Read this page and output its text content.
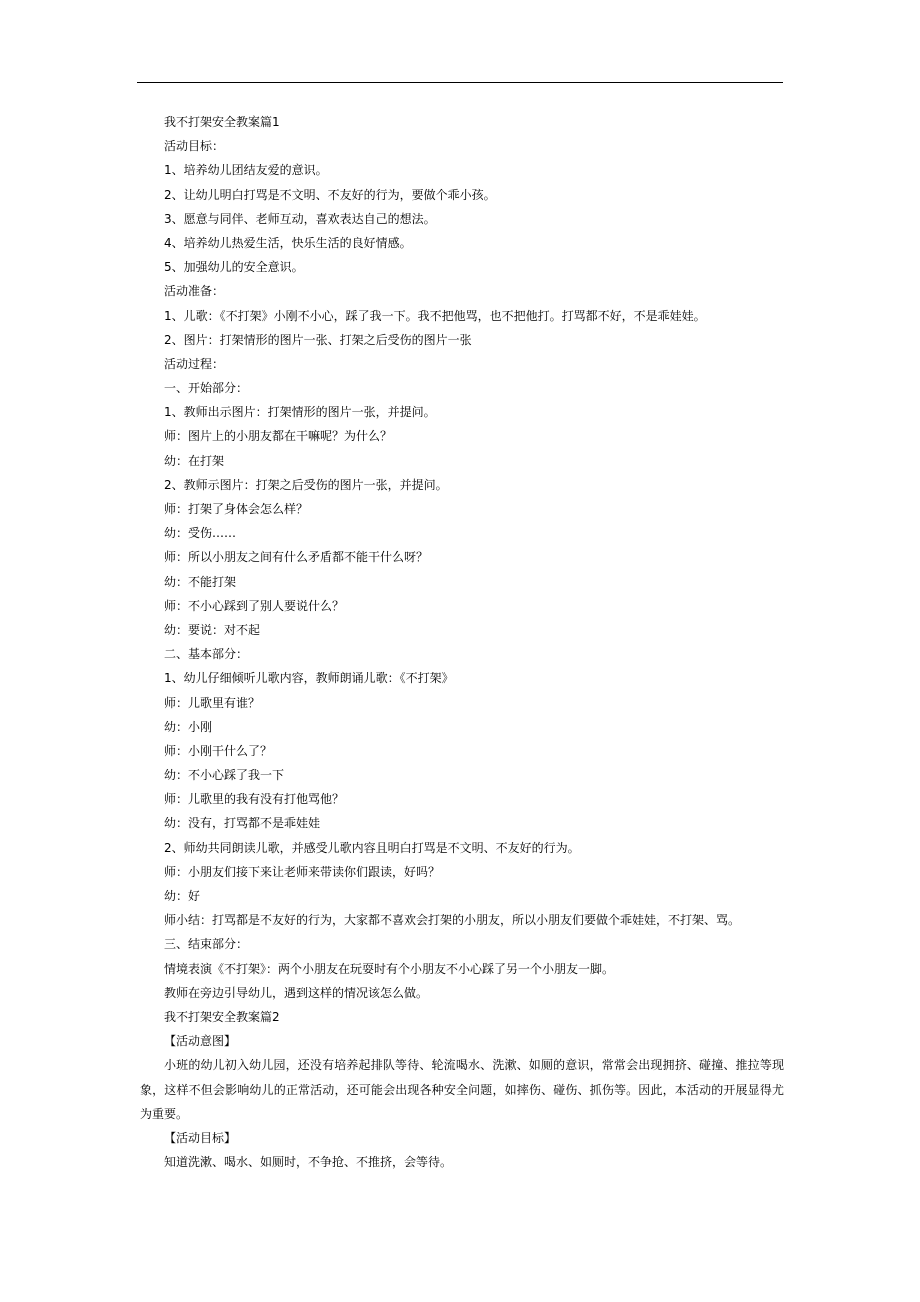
我不打架安全教案篇1
活动目标：
1、培养幼儿团结友爱的意识。
2、让幼儿明白打骂是不文明、不友好的行为，要做个乖小孩。
3、愿意与同伴、老师互动，喜欢表达自己的想法。
4、培养幼儿热爱生活，快乐生活的良好情感。
5、加强幼儿的安全意识。
活动准备：
1、儿歌：《不打架》小刚不小心，踩了我一下。我不把他骂，也不把他打。打骂都不好，不是乖娃娃。
2、图片：打架情形的图片一张、打架之后受伤的图片一张
活动过程：
一、开始部分：
1、教师出示图片：打架情形的图片一张，并提问。
师：图片上的小朋友都在干嘛呢？为什么？
幼：在打架
2、教师示图片：打架之后受伤的图片一张，并提问。
师：打架了身体会怎么样？
幼：受伤……
师：所以小朋友之间有什么矛盾都不能干什么呀？
幼：不能打架
师：不小心踩到了别人要说什么？
幼：要说：对不起
二、基本部分：
1、幼儿仔细倾听儿歌内容，教师朗诵儿歌：《不打架》
师：儿歌里有谁？
幼：小刚
师：小刚干什么了？
幼：不小心踩了我一下
师：儿歌里的我有没有打他骂他？
幼：没有，打骂都不是乖娃娃
2、师幼共同朗读儿歌，并感受儿歌内容且明白打骂是不文明、不友好的行为。
师：小朋友们接下来让老师来带读你们跟读，好吗？
幼：好
师小结：打骂都是不友好的行为，大家都不喜欢会打架的小朋友，所以小朋友们要做个乖娃娃，不打架、骂。
三、结束部分：
情境表演《不打架》：两个小朋友在玩耍时有个小朋友不小心踩了另一个小朋友一脚。
教师在旁边引导幼儿，遇到这样的情况该怎么做。
我不打架安全教案篇2
【活动意图】

小班的幼儿初入幼儿园，还没有培养起排队等待、轮流喝水、洗漱、如厕的意识，常常会出现拥挤、碰撞、推拉等现象，这样不但会影响幼儿的正常活动，还可能会出现各种安全问题，如摔伤、碰伤、抓伤等。因此，本活动的开展显得尤为重要。

【活动目标】
知道洗漱、喝水、如厕时，不争抢、不推挤，会等待。
